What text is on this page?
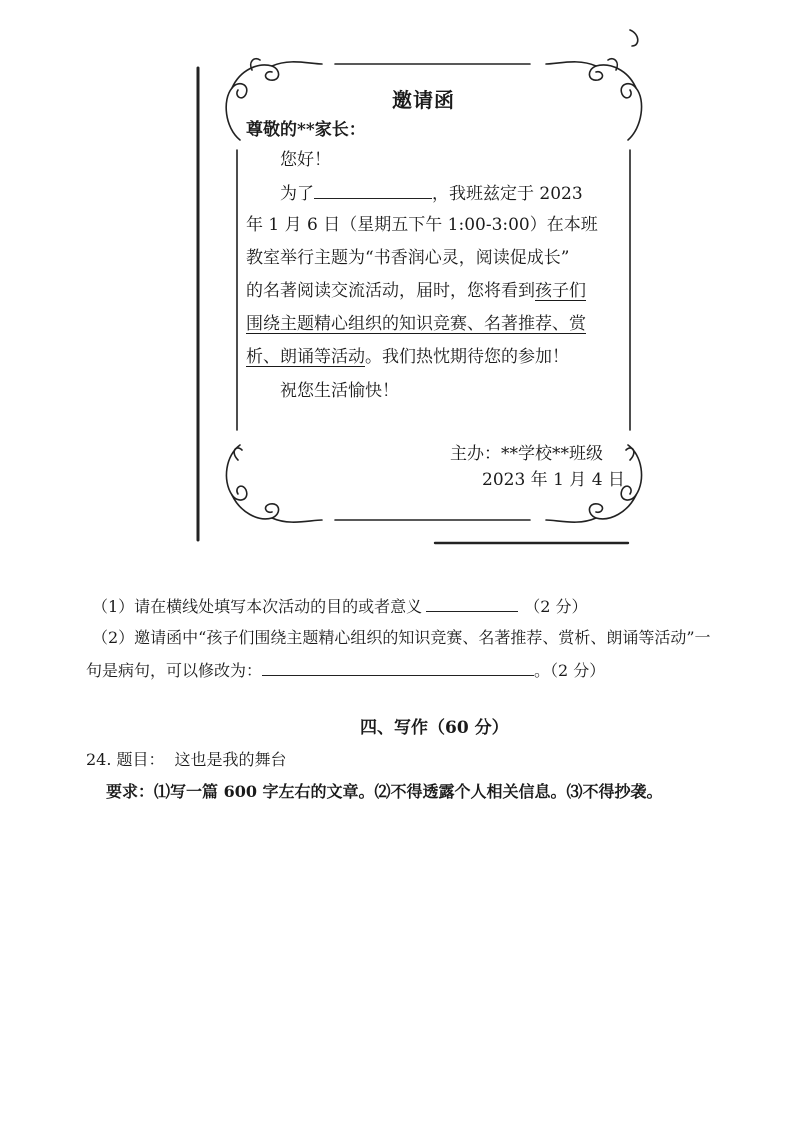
邀请函
尊敬的**家长：
您好！
为了	，我班兹定于 2023
年 1 月 6 日（星期五下午 1:00-3:00）在本班
教室举行主题为“书香润心灵，阅读促成长”
的名著阅读交流活动，届时，您将看到孩子们
围绕主题精心组织的知识竞赛、名著推荐、赏
析、朗诵等活动。我们热忱期待您的参加！
祝您生活愉快！
主办：**学校**班级
2023 年 1 月 4 日
（1）请在横线处填写本次活动的目的或者意义	（2 分）
（2）邀请函中“孩子们围绕主题精心组织的知识竞赛、名著推荐、赏析、朗诵等活动”一
句是病句，可以修改为：	。（2 分）
四、写作（60 分）
24. 题目： 这也是我的舞台
要求：⑴写一篇 600 字左右的文章。⑵不得透露个人相关信息。⑶不得抄袭。
